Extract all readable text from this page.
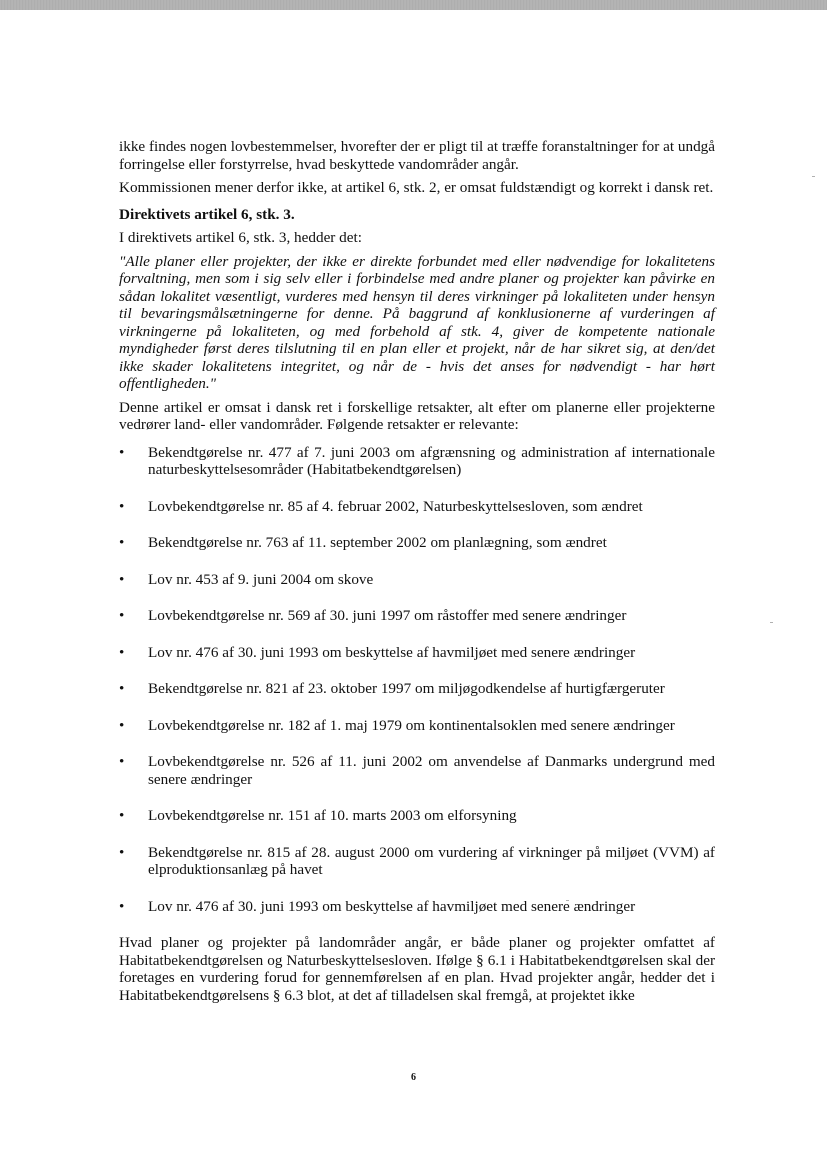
ikke findes nogen lovbestemmelser, hvorefter der er pligt til at træffe foranstaltninger for at undgå forringelse eller forstyrrelse, hvad beskyttede vandområder angår.

Kommissionen mener derfor ikke, at artikel 6, stk. 2, er omsat fuldstændigt og korrekt i dansk ret.

Direktivets artikel 6, stk. 3.

I direktivets artikel 6, stk. 3, hedder det:

"Alle planer eller projekter, der ikke er direkte forbundet med eller nødvendige for lokalitetens forvaltning, men som i sig selv eller i forbindelse med andre planer og projekter kan påvirke en sådan lokalitet væsentligt, vurderes med hensyn til deres virkninger på lokaliteten under hensyn til bevaringsmålsætningerne for denne. På baggrund af konklusionerne af vurderingen af virkningerne på lokaliteten, og med forbehold af stk. 4, giver de kompetente nationale myndigheder først deres tilslutning til en plan eller et projekt, når de har sikret sig, at den/det ikke skader lokalitetens integritet, og når de - hvis det anses for nødvendigt - har hørt offentligheden."

Denne artikel er omsat i dansk ret i forskellige retsakter, alt efter om planerne eller projekterne vedrører land- eller vandområder. Følgende retsakter er relevante:

• Bekendtgørelse nr. 477 af 7. juni 2003 om afgrænsning og administration af internationale naturbeskyttelsesområder (Habitatbekendtgørelsen)
• Lovbekendtgørelse nr. 85 af 4. februar 2002, Naturbeskyttelsesloven, som ændret
• Bekendtgørelse nr. 763 af 11. september 2002 om planlægning, som ændret
• Lov nr. 453 af 9. juni 2004 om skove
• Lovbekendtgørelse nr. 569 af 30. juni 1997 om råstoffer med senere ændringer
• Lov nr. 476 af 30. juni 1993 om beskyttelse af havmiljøet med senere ændringer
• Bekendtgørelse nr. 821 af 23. oktober 1997 om miljøgodkendelse af hurtigfærgeruter
• Lovbekendtgørelse nr. 182 af 1. maj 1979 om kontinentalsoklen med senere ændringer
• Lovbekendtgørelse nr. 526 af 11. juni 2002 om anvendelse af Danmarks undergrund med senere ændringer
• Lovbekendtgørelse nr. 151 af 10. marts 2003 om elforsyning
• Bekendtgørelse nr. 815 af 28. august 2000 om vurdering af virkninger på miljøet (VVM) af elproduktionsanlæg på havet
• Lov nr. 476 af 30. juni 1993 om beskyttelse af havmiljøet med senere ændringer

Hvad planer og projekter på landområder angår, er både planer og projekter omfattet af Habitatbekendtgørelsen og Naturbeskyttelsesloven. Ifølge § 6.1 i Habitatbekendtgørelsen skal der foretages en vurdering forud for gennemførelsen af en plan. Hvad projekter angår, hedder det i Habitatbekendtgørelsens § 6.3 blot, at det af tilladelsen skal fremgå, at projektet ikke

6
